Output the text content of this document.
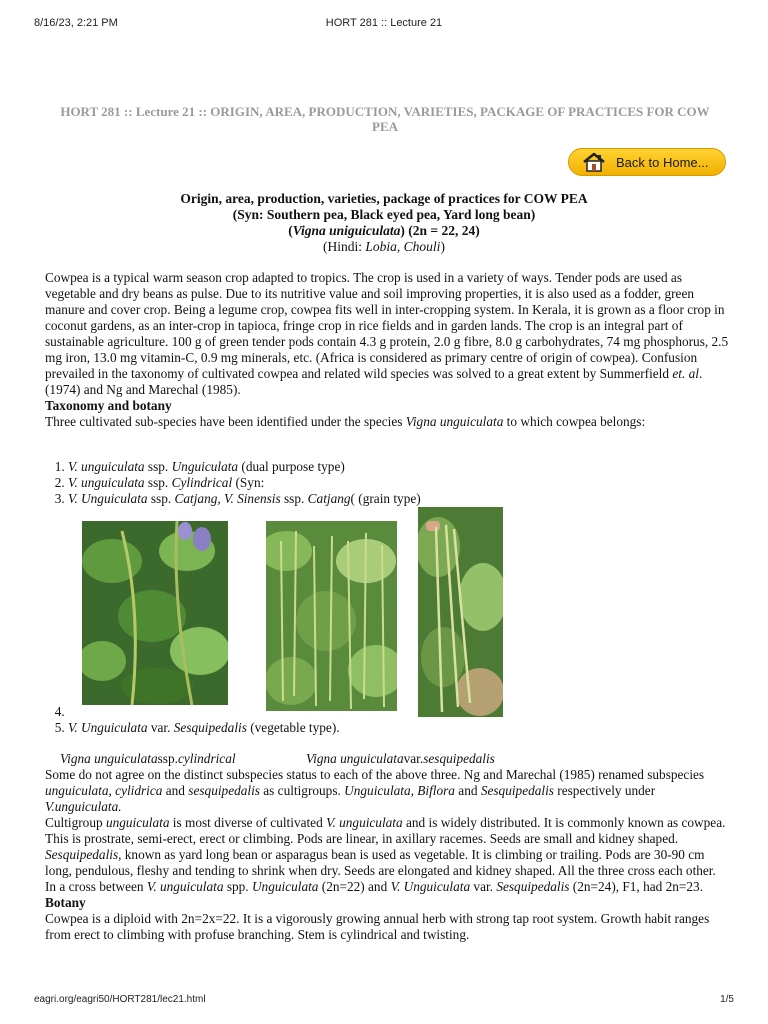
8/16/23, 2:21 PM	HORT 281 :: Lecture 21
HORT 281 :: Lecture 21 :: ORIGIN, AREA, PRODUCTION, VARIETIES, PACKAGE OF PRACTICES FOR COW PEA
Back to Home...
Origin, area, production, varieties, package of practices for COW PEA
(Syn: Southern pea, Black eyed pea, Yard long bean)
(Vigna uniguiculata) (2n = 22, 24)
(Hindi: Lobia, Chouli)
Cowpea is a typical warm season crop adapted to tropics. The crop is used in a variety of ways. Tender pods are used as vegetable and dry beans as pulse. Due to its nutritive value and soil improving properties, it is also used as a fodder, green manure and cover crop. Being a legume crop, cowpea fits well in inter-cropping system. In Kerala, it is grown as a floor crop in coconut gardens, as an inter-crop in tapioca, fringe crop in rice fields and in garden lands. The crop is an integral part of sustainable agriculture. 100 g of green tender pods contain 4.3 g protein, 2.0 g fibre, 8.0 g carbohydrates, 74 mg phosphorus, 2.5 mg iron, 13.0 mg vitamin-C, 0.9 mg minerals, etc. (Africa is considered as primary centre of origin of cowpea). Confusion prevailed in the taxonomy of cultivated cowpea and related wild species was solved to a great extent by Summerfield et. al. (1974) and Ng and Marechal (1985).
Taxonomy and botany
Three cultivated sub-species have been identified under the species Vigna unguiculata to which cowpea belongs:
1. V. unguiculata ssp. Unguiculata (dual purpose type)
2. V. unguiculata ssp. Cylindrical (Syn:
3. V. Unguiculata ssp. Catjang, V. Sinensis ssp. Catjang( (grain type)
4.
5. V. Unguiculata var. Sesquipedalis (vegetable type).
Vigna unguiculatassp.cylindrical	Vigna unguiculatavar.sesquipedalis
Some do not agree on the distinct subspecies status to each of the above three. Ng and Marechal (1985) renamed subspecies unguiculata, cylidrica and sesquipedalis as cultigroups. Unguiculata, Biflora and Sesquipedalis respectively under V.unguiculata.
Cultigroup unguiculata is most diverse of cultivated V. unguiculata and is widely distributed. It is commonly known as cowpea. This is prostrate, semi-erect, erect or climbing. Pods are linear, in axillary racemes. Seeds are small and kidney shaped.
Sesquipedalis, known as yard long bean or asparagus bean is used as vegetable. It is climbing or trailing. Pods are 30-90 cm long, pendulous, fleshy and tending to shrink when dry. Seeds are elongated and kidney shaped. All the three cross each other. In a cross between V. unguiculata spp. Unguiculata (2n=22) and V. Unguiculata var. Sesquipedalis (2n=24), F1, had 2n=23.
Botany
Cowpea is a diploid with 2n=2x=22. It is a vigorously growing annual herb with strong tap root system. Growth habit ranges from erect to climbing with profuse branching. Stem is cylindrical and twisting.
eagri.org/eagri50/HORT281/lec21.html	1/5
